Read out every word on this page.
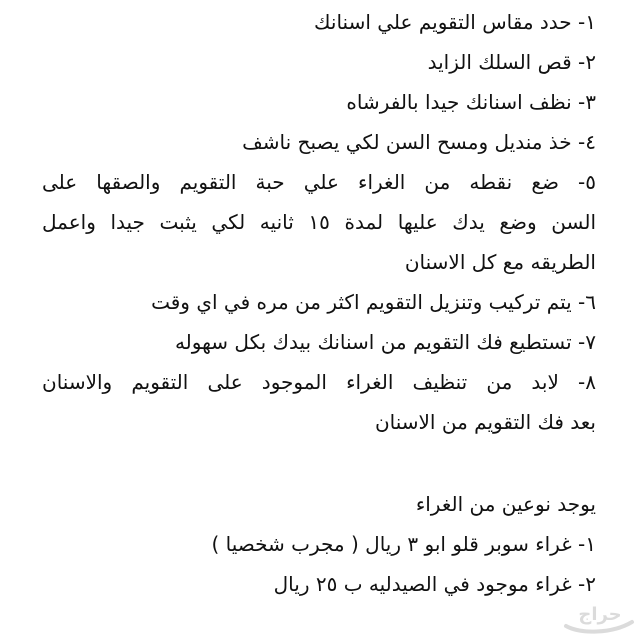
١- حدد مقاس التقويم علي اسنانك
٢- قص السلك الزايد
٣- نظف اسنانك جيدا بالفرشاه
٤- خذ منديل ومسح السن لكي يصبح ناشف
٥- ضع نقطه من الغراء علي حبة التقويم والصقها على
السن وضع يدك عليها لمدة ١٥ ثانيه لكي يثبت جيدا واعمل
الطريقه مع كل الاسنان
٦- يتم تركيب وتنزيل التقويم اكثر من مره في اي وقت
٧- تستطيع فك التقويم من اسنانك بيدك بكل سهوله
٨- لابد من تنظيف الغراء الموجود على التقويم والاسنان
بعد فك التقويم من الاسنان
يوجد نوعين من الغراء
١- غراء سوبر قلو ابو ٣ ريال ( مجرب شخصيا )
٢- غراء موجود في الصيدليه ب ٢٥ ريال
حراج
